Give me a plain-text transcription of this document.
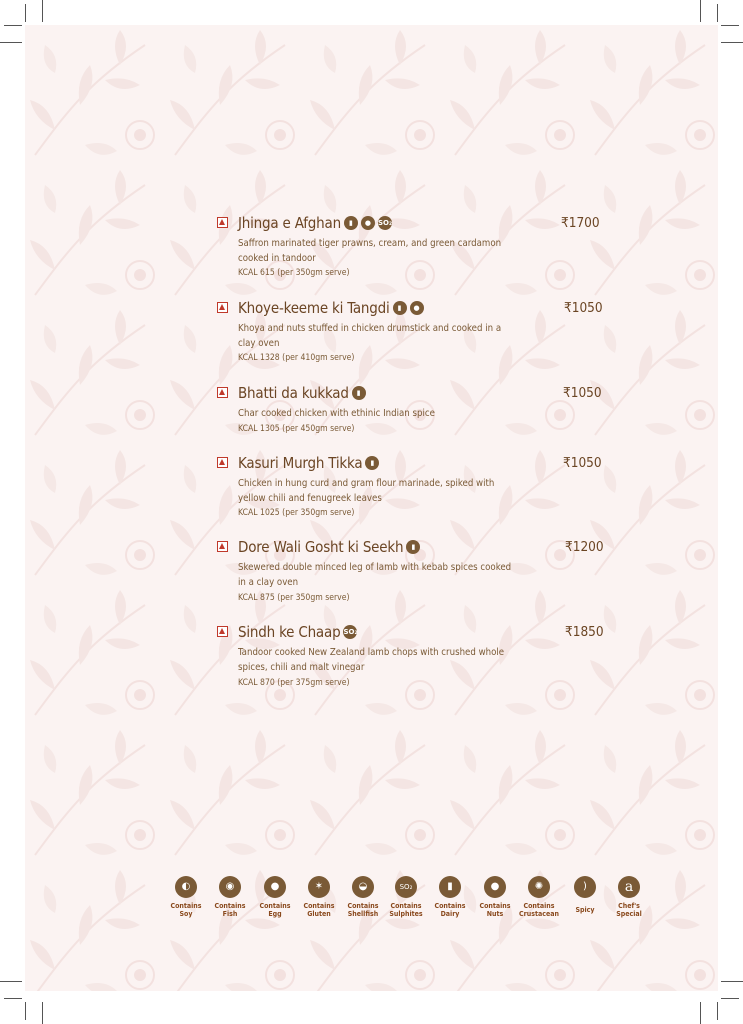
Jhinga e Afghan	▮	● SO₂	₹1700
Saffron marinated tiger prawns, cream, and green cardamon cooked in tandoor
KCAL 615 (per 350gm serve)
Khoye-keeme ki Tangdi	▮	●	₹1050
Khoya and nuts stuffed in chicken drumstick and cooked in a clay oven
KCAL 1328 (per 410gm serve)
Bhatti da kukkad	▮	₹1050
Char cooked chicken with ethinic Indian spice
KCAL 1305 (per 450gm serve)
Kasuri Murgh Tikka	▮	₹1050
Chicken in hung curd and gram flour marinade, spiked with yellow chili and fenugreek leaves
KCAL 1025 (per 350gm serve)
Dore Wali Gosht ki Seekh	▮	₹1200
Skewered double minced leg of lamb with kebab spices cooked in a clay oven
KCAL 875 (per 350gm serve)
Sindh ke Chaap SO₂	₹1850
Tandoor cooked New Zealand lamb chops with crushed whole spices, chili and malt vinegar
KCAL 870 (per 375gm serve)
◐
Contains Soy
◉
Contains Fish
●
Contains Egg
✶
Contains Gluten
◒
Contains Shellfish
SO₂
Contains Sulphites
▮
Contains Dairy
●
Contains Nuts
✺
Contains Crustacean
)
Spicy
a
Chef's Special
